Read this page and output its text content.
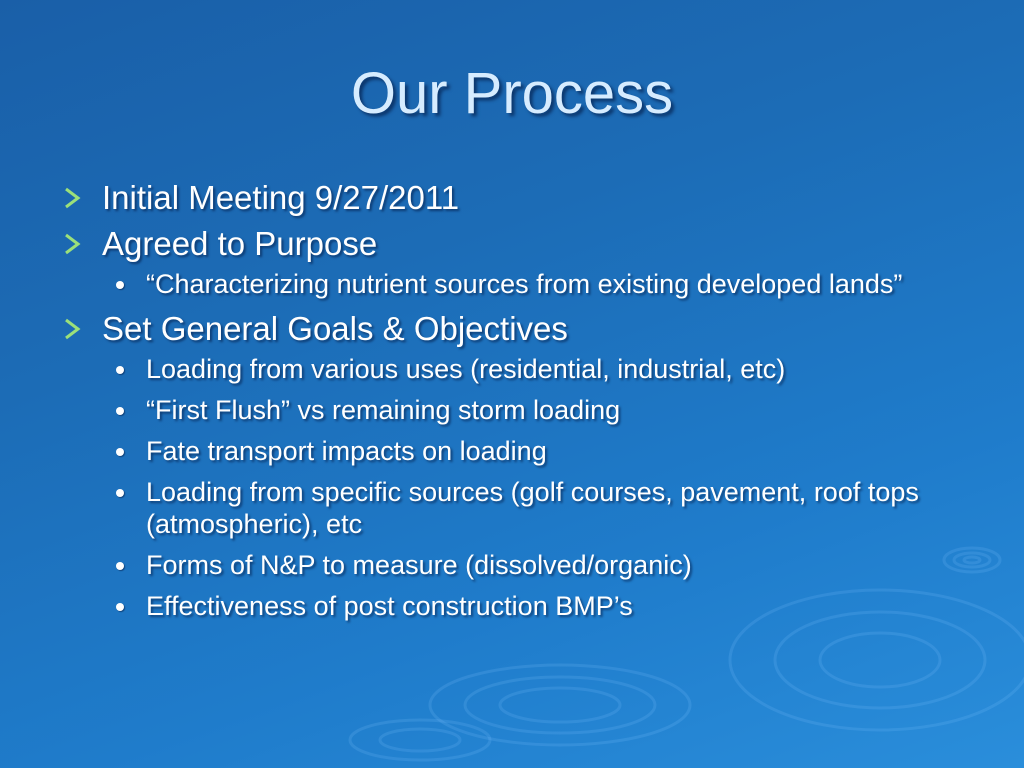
Our Process
Initial Meeting 9/27/2011
Agreed to Purpose
“Characterizing nutrient sources from existing developed lands”
Set General Goals & Objectives
Loading from various uses (residential, industrial, etc)
“First Flush” vs remaining storm loading
Fate transport impacts on loading
Loading from specific sources (golf courses, pavement, roof tops (atmospheric), etc
Forms of N&P to measure (dissolved/organic)
Effectiveness of post construction BMP’s
